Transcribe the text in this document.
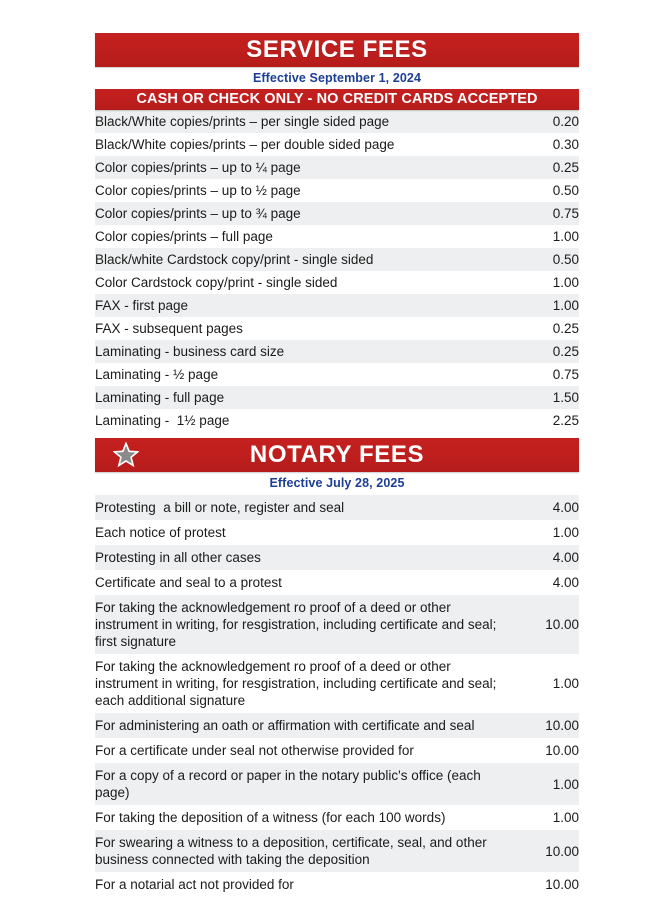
SERVICE FEES
Effective September 1, 2024
CASH OR CHECK ONLY - NO CREDIT CARDS ACCEPTED
Black/White copies/prints – per single sided page	0.20
Black/White copies/prints – per double sided page	0.30
Color copies/prints – up to ¼ page	0.25
Color copies/prints – up to ½ page	0.50
Color copies/prints – up to ¾ page	0.75
Color copies/prints – full page	1.00
Black/white Cardstock copy/print - single sided	0.50
Color Cardstock copy/print - single sided	1.00
FAX - first page	1.00
FAX - subsequent pages	0.25
Laminating - business card size	0.25
Laminating - ½ page	0.75
Laminating - full page	1.50
Laminating -  1½ page	2.25
NOTARY FEES
Effective July 28, 2025
Protesting  a bill or note, register and seal	4.00
Each notice of protest	1.00
Protesting in all other cases	4.00
Certificate and seal to a protest	4.00
For taking the acknowledgement ro proof of a deed or other instrument in writing, for resgistration, including certificate and seal; first signature	10.00
For taking the acknowledgement ro proof of a deed or other instrument in writing, for resgistration, including certificate and seal; each additional signature	1.00
For administering an oath or affirmation with certificate and seal	10.00
For a certificate under seal not otherwise provided for	10.00
For a copy of a record or paper in the notary public's office (each page)	1.00
For taking the deposition of a witness (for each 100 words)	1.00
For swearing a witness to a deposition, certificate, seal, and other business connected with taking the deposition	10.00
For a notarial act not provided for	10.00
